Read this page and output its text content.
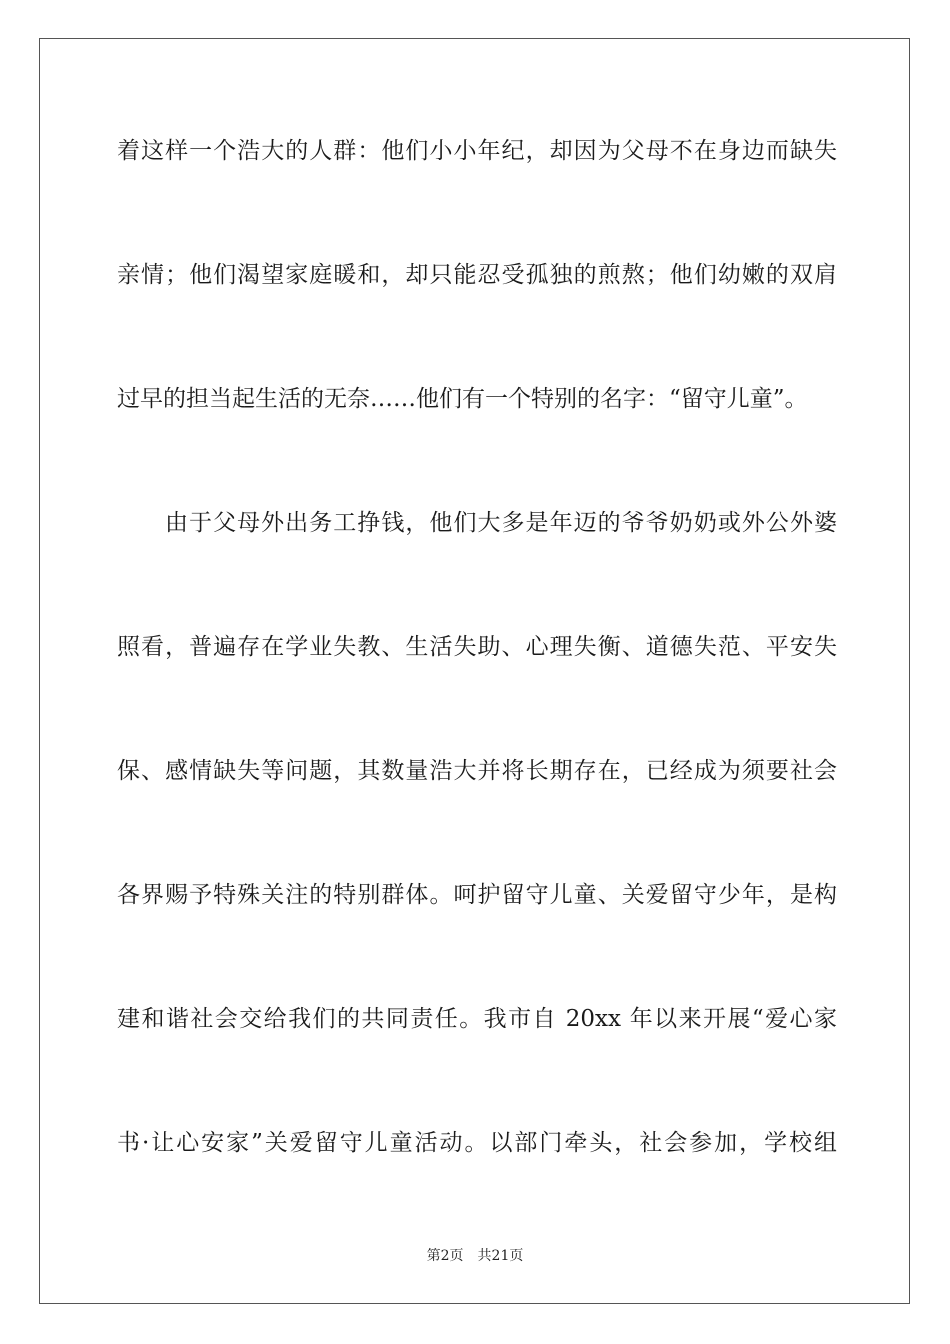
着这样一个浩大的人群：他们小小年纪，却因为父母不在身边而缺失
亲情；他们渴望家庭暖和，却只能忍受孤独的煎熬；他们幼嫩的双肩
过早的担当起生活的无奈……他们有一个特别的名字：“留守儿童”。
由于父母外出务工挣钱，他们大多是年迈的爷爷奶奶或外公外婆
照看，普遍存在学业失教、生活失助、心理失衡、道德失范、平安失
保、感情缺失等问题，其数量浩大并将长期存在，已经成为须要社会
各界赐予特殊关注的特别群体。呵护留守儿童、关爱留守少年，是构
建和谐社会交给我们的共同责任。我市自 20xx 年以来开展“爱心家
书·让心安家”关爱留守儿童活动。以部门牵头，社会参加，学校组
第2页 共21页
